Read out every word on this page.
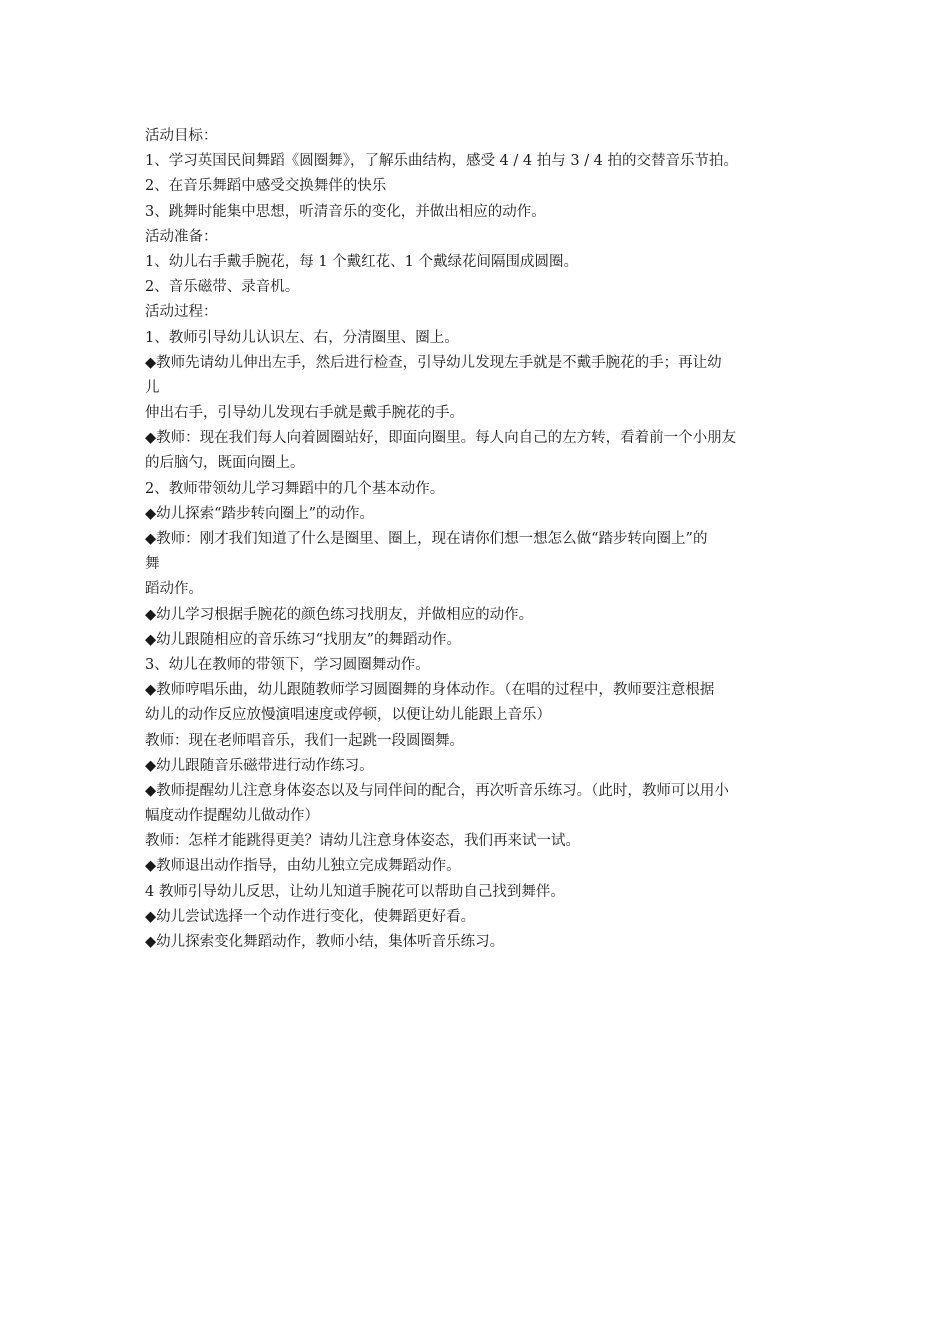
活动目标：
1、学习英国民间舞蹈《圆圈舞》，了解乐曲结构，感受 4 / 4 拍与 3 / 4 拍的交替音乐节拍。
2、在音乐舞蹈中感受交换舞伴的快乐
3、跳舞时能集中思想，听清音乐的变化，并做出相应的动作。
活动准备：
1、幼儿右手戴手腕花，每 1 个戴红花、1 个戴绿花间隔围成圆圈。
2、音乐磁带、录音机。
活动过程：
1、教师引导幼儿认识左、右，分清圈里、圈上。
◆教师先请幼儿伸出左手，然后进行检查，引导幼儿发现左手就是不戴手腕花的手；再让幼
儿
伸出右手，引导幼儿发现右手就是戴手腕花的手。
◆教师：现在我们每人向着圆圈站好，即面向圈里。每人向自己的左方转，看着前一个小朋友
的后脑勺，既面向圈上。
2、教师带领幼儿学习舞蹈中的几个基本动作。
◆幼儿探索“踏步转向圈上”的动作。
◆教师：刚才我们知道了什么是圈里、圈上，现在请你们想一想怎么做“踏步转向圈上”的
舞
蹈动作。
◆幼儿学习根据手腕花的颜色练习找朋友，并做相应的动作。
◆幼儿跟随相应的音乐练习“找朋友”的舞蹈动作。
3、幼儿在教师的带领下，学习圆圈舞动作。
◆教师哼唱乐曲，幼儿跟随教师学习圆圈舞的身体动作。（在唱的过程中，教师要注意根据
幼儿的动作反应放慢演唱速度或停顿，以便让幼儿能跟上音乐）
教师：现在老师唱音乐，我们一起跳一段圆圈舞。
◆幼儿跟随音乐磁带进行动作练习。
◆教师提醒幼儿注意身体姿态以及与同伴间的配合，再次听音乐练习。（此时，教师可以用小
幅度动作提醒幼儿做动作）
教师：怎样才能跳得更美？请幼儿注意身体姿态，我们再来试一试。
◆教师退出动作指导，由幼儿独立完成舞蹈动作。
4 教师引导幼儿反思，让幼儿知道手腕花可以帮助自己找到舞伴。
◆幼儿尝试选择一个动作进行变化，使舞蹈更好看。
◆幼儿探索变化舞蹈动作，教师小结，集体听音乐练习。
